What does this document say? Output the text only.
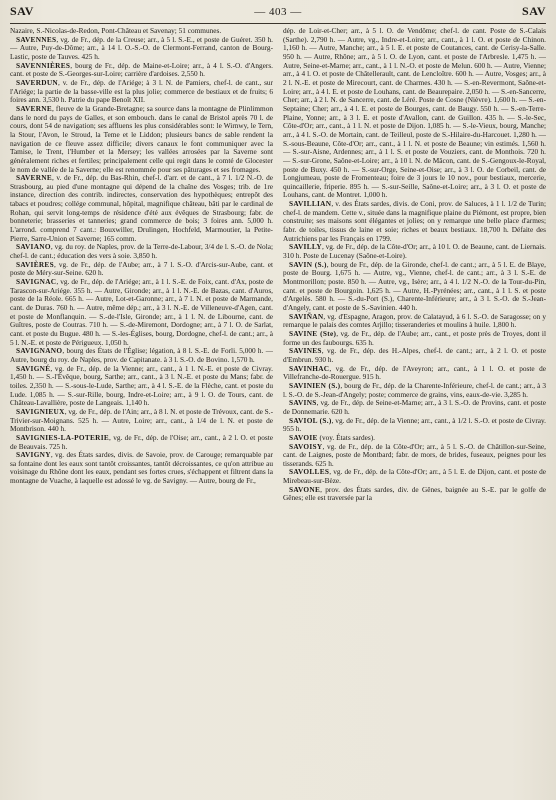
SAV	— 403 —	SAV

Nazaire, S.-Nicolas-de-Redon, Pont-Château et Savenay; 51 communes.

SAVENNES, vg. de Fr., dép. de la Creuse; arr., à 5 l. S.-E., et poste de Guéret. 350 h. — Autre, Puy-de-Dôme; arr., à 14 l. O.-S.-O. de Clermont-Ferrand, canton de Bourg-Lastic, poste de Tauves. 425 h.

SAVENNIÈRES, bourg de Fr., dép. de Maine-et-Loire; arr., à 4 l. S.-O. d'Angers. cant. et poste de S.-Georges-sur-Loire; carrière d'ardoises. 2,550 h.

SAVERDUN, v. de Fr., dép. de l'Ariége; à 3 l. N. de Pamiers, chef-l. de cant., sur l'Ariége; la partie de la basse-ville est la plus jolie; commerce de bestiaux et de fruits; 6 foires ann. 3,530 h. Patrie du pape Benoît XII.

SAVERNE, fleuve de la Grande-Bretagne; sa source dans la montagne de Plinlimmon dans le nord du pays de Galles, et son embouch. dans le canal de Bristol après 70 l. de cours, dont 54 de navigation; ses affluens les plus considérables sont: le Wirnwy, le Tern, la Stour, l'Avon, le Stroud, la Teme et le Liddon; plusieurs bancs de sable rendent la navigation de ce fleuve assez difficile; divers canaux le font communiquer avec la Tamise, le Trent, l'Humber et la Mersey; les vallées arrosées par la Saverne sont généralement riches et fertiles; principalement celle qui regit dans le comté de Glocester le nom de vallée de la Saverne; elle est renommée pour ses pâturages et ses fromages.

SAVERNE, v. de Fr., dép. du Bas-Rhin, chef-l. d'arr. et de cant., à 7 l. 1/2 N.-O. de Strasbourg, au pied d'une montagne qui dépend de la chaîne des Vosges; trib. de 1re instance, direction des contrib. indirectes, conservation des hypothèques; entrepôt des tabacs et poudres; collége communal, hôpital, magnifique château, bâti par le cardinal de Rohan, qui servit long-temps de résidence d'été aux évêques de Strasbourg; fabr. de bonneterie; brasseries et tanneries; grand commerce de bois; 3 foires ann. 5,000 h. L'arrond. comprend 7 cant.: Bouxwiller, Drulingen, Hochfeld, Marmoutier, la Petite-Pierre, Sarre-Union et Saverne; 165 comm.

SAVIANO, vg. du roy. de Naples, prov. de la Terre-de-Labour, 3/4 de l. S.-O. de Nola; chef-l. de cant.; éducation des vers à soie. 3,850 h.

SAVIÈRES, vg. de Fr., dép. de l'Aube; arr., à 7 l. S.-O. d'Arcis-sur-Aube, cant. et poste de Méry-sur-Seine. 620 h.

SAVIGNAC, vg. de Fr., dép. de l'Ariége; arr., à 1 l. S.-E. de Foix, cant. d'Ax, poste de Tarascon-sur-Ariége. 355 h. — Autre, Gironde; arr., à 1 l. N.-E. de Bazas, cant. d'Auros, poste de la Réole. 665 h. — Autre, Lot-et-Garonne; arr., à 7 l. N. et poste de Marmande, cant. de Duras. 760 h. — Autre, même dép.; arr., à 3 l. N.-E. de Villeneuve-d'Agen, cant. et poste de Monflanquin. — S.-de-l'Isle, Gironde; arr., à 1 l. N. de Libourne, cant. de Guîtres, poste de Coutras. 710 h. — S.-de-Miremont, Dordogne; arr., à 7 l. O. de Sarlat, cant. et poste du Bugue. 480 h. — S.-les-Églises, bourg, Dordogne, chef-l. de cant.; arr., à 5 l. N.-E. et poste de Périgueux. 1,050 h.

SAVIGNANO, bourg des États de l'Église; légation, à 8 l. S.-E. de Forli. 5,000 h. — Autre, bourg du roy. de Naples, prov. de Capitanate. à 3 l. S.-O. de Bovino. 1,570 h.

SAVIGNÉ, vg. de Fr., dép. de la Vienne; arr., cant., à 1 l. N.-E. et poste de Civray. 1,450 h. — S.-l'Évêque, bourg, Sarthe; arr., cant., à 3 l. N.-E. et poste du Mans; fabr. de toiles. 2,350 h. — S.-sous-le-Lude, Sarthe; arr., à 4 l. S.-E. de la Flèche, cant. et poste du Lude. 1,085 h. — S.-sur-Rille, bourg, Indre-et-Loire; arr., à 9 l. O. de Tours, cant. de Château-Lavallière, poste de Langeais. 1,140 h.

SAVIGNIEUX, vg. de Fr., dép. de l'Ain; arr., à 8 l. N. et poste de Trévoux, cant. de S.-Trivier-sur-Moignans. 525 h. — Autre, Loire; arr., cant., à 1/4 de l. N. et poste de Montbrison. 440 h.

SAVIGNIES-LA-POTERIE, vg. de Fr., dép. de l'Oise; arr., cant., à 2 l. O. et poste de Beauvais. 725 h.

SAVIGNY, vg. des États sardes, divis. de Savoie, prov. de Carouge; remarquable par sa fontaine dont les eaux sont tantôt croissantes, tantôt décroissantes, ce qu'on attribue au voisinage du Rhône dont les eaux, pendant ses fortes crues, s'échappent et filtrent dans la montagne de Vuache, à laquelle est adossé le vg. de Savigny. — Autre, bourg de Fr.,

dép. de Loir-et-Cher; arr., à 5 l. O. de Vendôme; chef-l. de cant. Poste de S.-Calais (Sarthe). 2,790 h. — Autre, vg., Indre-et-Loire; arr., cant., à 1 l. O. et poste de Chinon. 1,160 h. — Autre, Manche; arr., à 5 l. E. et poste de Coutances, cant. de Cerisy-la-Salle. 950 h. — Autre, Rhône; arr., à 5 l. O. de Lyon, cant. et poste de l'Arbresle. 1,475 h. — Autre, Seine-et-Marne; arr., cant., à 1 l. N.-O. et poste de Melun. 600 h. — Autre, Vienne; arr., à 4 l. O. et poste de Châtellerault, cant. de Lencloître. 600 h. — Autre, Vosges; arr., à 2 l. N.-E. et poste de Mirecourt, cant. de Charmes. 430 h. — S.-en-Revermont, Saône-et-Loire; arr., à 4 l. E. et poste de Louhans, cant. de Beaurepaire. 2,050 h. — S.-en-Sancerre, Cher; arr., à 2 l. N. de Sancerre, cant. de Léré. Poste de Cosne (Nièvre). 1,600 h. — S.-en-Septaine; Cher; arr., à 4 l. E. et poste de Bourges, cant. de Baugy. 550 h. — S.-en-Terre-Plaine, Yonne; arr., à 3 l. E. et poste d'Avallon, cant. de Guillon. 435 h. — S.-le-Sec, Côte-d'Or; arr., cant., à 1 l. N. et poste de Dijon. 1,085 h. — S.-le-Vieux, bourg, Manche; arr., à 4 l. S.-O. de Mortain, cant. de Teilleul, poste de S.-Hilaire-du-Harcouet. 1,280 h. — S.-sous-Beaune, Côte-d'Or; arr., cant., à 1 l. N. et poste de Beaune; vin estimés. 1,560 h. — S.-sur-Aisne, Ardennes; arr., à 1 l. S. et poste de Vouziers, cant. de Monthois. 720 h. — S.-sur-Grone, Saône-et-Loire; arr., à 10 l. N. de Mâcon, cant. de S.-Gengoux-le-Royal, poste de Buxy. 450 h. — S.-sur-Orge, Seine-et-Oise; arr., à 3 l. O. de Corbeil, cant. de Longjumeau, poste de Fromenteau; foire de 3 jours le 10 nov., pour bestiaux, mercerie, quincaillerie, friperie. 895 h. — S.-sur-Seille, Saône-et-Loire; arr., à 3 l. O. et poste de Louhans, cant. de Montret. 1,000 h.

SAVILLIAN, v. des États sardes, divis. de Coni, prov. de Saluces, à 1 l. 1/2 de Turin; chef-l. de mandem. Cette v., située dans la magnifique plaine du Piémont, est propre, bien construite; ses maisons sont élégantes et jolies; on y remarque une belle place d'armes; fabr. de toiles, tissus de laine et soie; riches et beaux bestiaux. 18,700 h. Défaite des Autrichiens par les Français en 1799.

SAVILLY, vg. de Fr., dép. de la Côte-d'Or; arr., à 10 l. O. de Beaune, cant. de Liernais. 310 h. Poste de Lucenay (Saône-et-Loire).

SAVIN (S.), bourg de Fr., dép. de la Gironde, chef-l. de cant.; arr., à 5 l. E. de Blaye, poste de Bourg. 1,675 h. — Autre, vg., Vienne, chef-l. de cant.; arr., à 3 l. S.-E. de Montmorillon; poste. 850 h. — Autre, vg., Isère; arr., à 4 l. 1/2 N.-O. de la Tour-du-Pin, cant. et poste de Bourgoin. 1,625 h. — Autre, H.-Pyrénées; arr., cant., à 1 l. S. et poste d'Argelès. 580 h. — S.-du-Port (S.), Charente-Inférieure; arr., à 3 l. S.-O. de S.-Jean-d'Angely, cant. et poste de S.-Savinien. 440 h.

SAVIÑAN, vg. d'Espagne, Aragon, prov. de Calatayud, à 6 l. S.-O. de Saragosse; on y remarque le palais des comtes Arjillo; tisseranderies et moulins à huile. 1,800 h.

SAVINE (Ste), vg. de Fr., dép. de l'Aube; arr., cant., et poste près de Troyes, dont il forme un des faubourgs. 635 h.

SAVINES, vg. de Fr., dép. des H.-Alpes, chef-l. de cant.; arr., à 2 l. O. et poste d'Embrun. 930 h.

SAVINHAC, vg. de Fr., dép. de l'Aveyron; arr., cant., à 1 l. O. et poste de Villefranche-de-Rouergue. 915 h.

SAVINIEN (S.), bourg de Fr., dép. de la Charente-Inférieure, chef-l. de cant.; arr., à 3 l. S.-O. de S.-Jean-d'Angely; poste; commerce de grains, vins, eaux-de-vie. 3,285 h.

SAVINS, vg. de Fr., dép. de Seine-et-Marne; arr., à 3 l. S.-O. de Provins, cant. et poste de Donnemarie. 620 h.

SAVIOL (S.), vg. de Fr., dép. de la Vienne; arr., cant., à 1/2 l. S.-O. et poste de Civray. 955 h.

SAVOIE (voy. États sardes).

SAVOISY, vg. de Fr., dép. de la Côte-d'Or; arr., à 5 l. S.-O. de Châtillon-sur-Seine, cant. de Laignes, poste de Montbard; fabr. de mors, de brides, fuseaux, peignes pour les tisserands. 625 h.

SAVOLLES, vg. de Fr., dép. de la Côte-d'Or; arr., à 5 l. E. de Dijon, cant. et poste de Mirebeau-sur-Bèze.

SAVONE, prov. des États sardes, div. de Gênes, baignée au S.-E. par le golfe de Gênes; elle est traversée par la
